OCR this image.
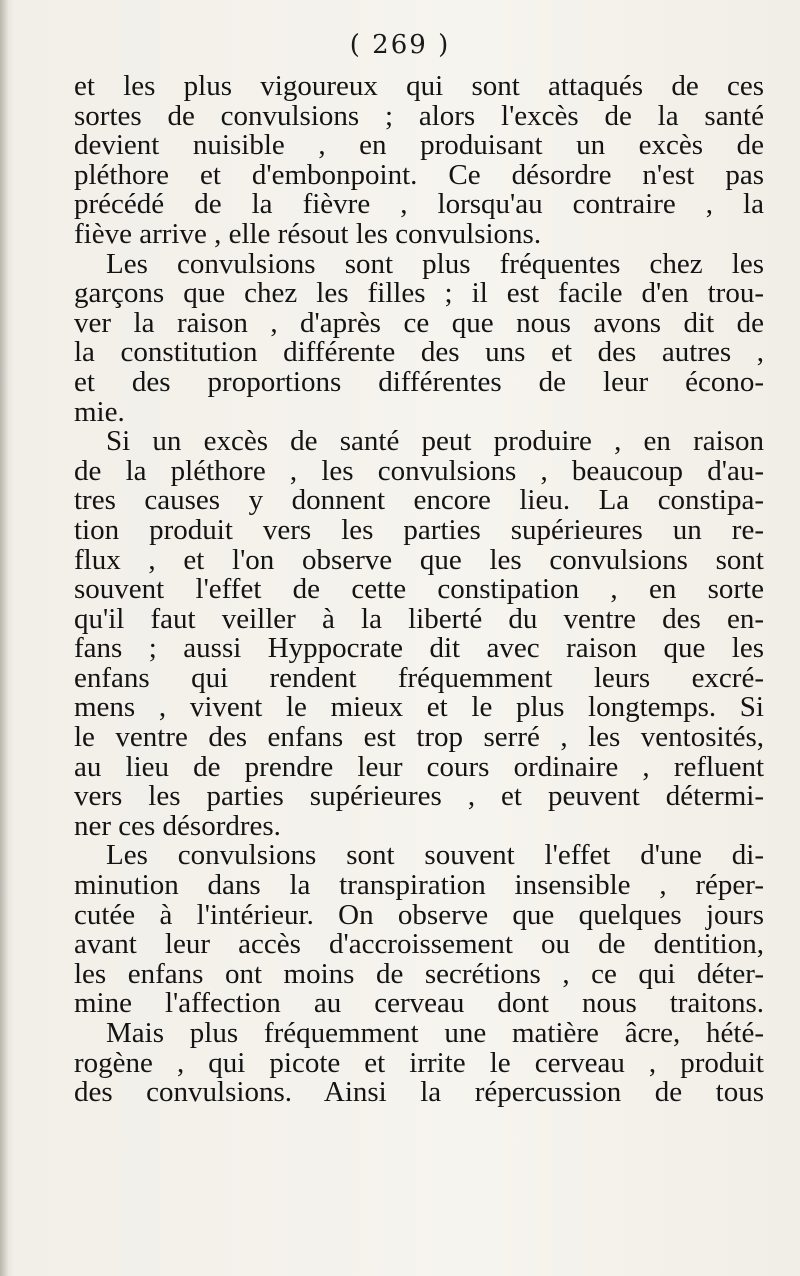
( 269 )
et les plus vigoureux qui sont attaqués de ces
sortes de convulsions ; alors l'excès de la santé
devient nuisible , en produisant un excès de
pléthore et d'embonpoint. Ce désordre n'est pas
précédé de la fièvre , lorsqu'au contraire , la
fiève arrive , elle résout les convulsions.
Les convulsions sont plus fréquentes chez les
garçons que chez les filles ; il est facile d'en trou-
ver la raison , d'après ce que nous avons dit de
la constitution différente des uns et des autres ,
et des proportions différentes de leur écono-
mie.
Si un excès de santé peut produire , en raison
de la pléthore , les convulsions , beaucoup d'au-
tres causes y donnent encore lieu. La constipa-
tion produit vers les parties supérieures un re-
flux , et l'on observe que les convulsions sont
souvent l'effet de cette constipation , en sorte
qu'il faut veiller à la liberté du ventre des en-
fans ; aussi Hyppocrate dit avec raison que les
enfans qui rendent fréquemment leurs excré-
mens , vivent le mieux et le plus longtemps. Si
le ventre des enfans est trop serré , les ventosités,
au lieu de prendre leur cours ordinaire , refluent
vers les parties supérieures , et peuvent détermi-
ner ces désordres.
Les convulsions sont souvent l'effet d'une di-
minution dans la transpiration insensible , réper-
cutée à l'intérieur. On observe que quelques jours
avant leur accès d'accroissement ou de dentition,
les enfans ont moins de secrétions , ce qui déter-
mine l'affection au cerveau dont nous traitons.
Mais plus fréquemment une matière âcre, hété-
rogène , qui picote et irrite le cerveau , produit
des convulsions. Ainsi la répercussion de tous
